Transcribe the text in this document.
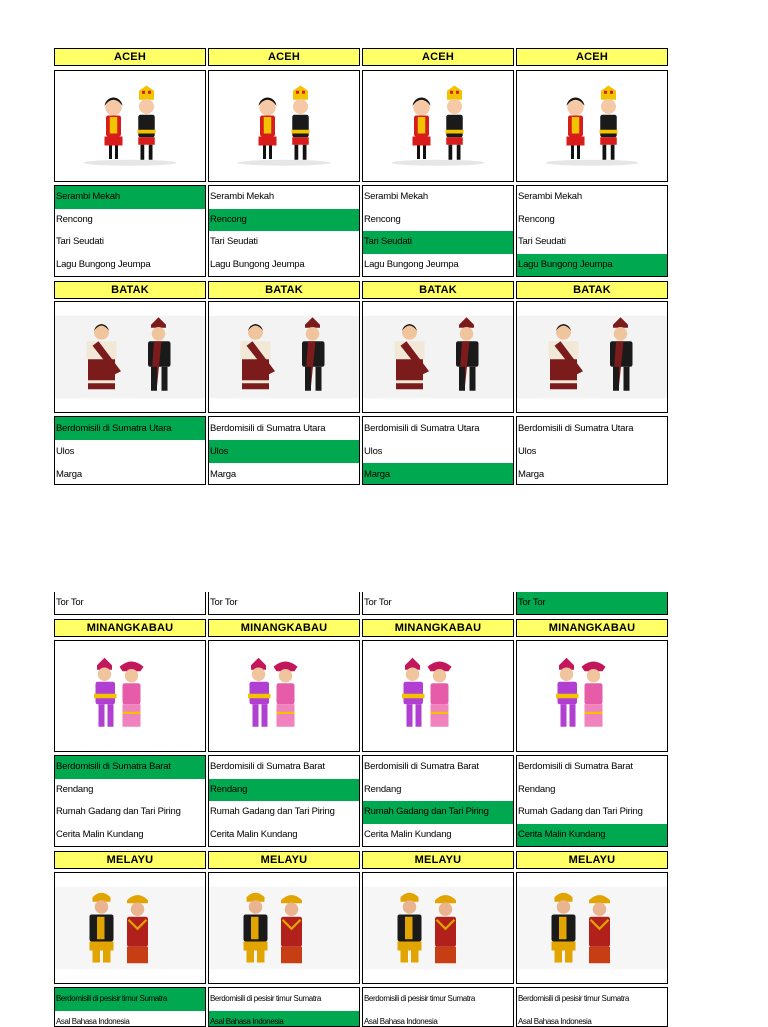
ACEH	ACEH	ACEH	ACEH
Serambi Mekah
Rencong
Tari Seudati
Lagu Bungong Jeumpa
Serambi Mekah
Rencong
Tari Seudati
Lagu Bungong Jeumpa
Serambi Mekah
Rencong
Tari Seudati
Lagu Bungong Jeumpa
Serambi Mekah
Rencong
Tari Seudati
Lagu Bungong Jeumpa
BATAK	BATAK	BATAK	BATAK
Berdomisili di Sumatra Utara
Ulos
Marga
Berdomisili di Sumatra Utara
Ulos
Marga
Berdomisili di Sumatra Utara
Ulos
Marga
Berdomisili di Sumatra Utara
Ulos
Marga
Tor Tor	Tor Tor	Tor Tor	Tor Tor
MINANGKABAU	MINANGKABAU	MINANGKABAU	MINANGKABAU
Berdomisili di Sumatra Barat
Rendang
Rumah Gadang dan Tari Piring
Cerita Malin Kundang
Berdomisili di Sumatra Barat
Rendang
Rumah Gadang dan Tari Piring
Cerita Malin Kundang
Berdomisili di Sumatra Barat
Rendang
Rumah Gadang dan Tari Piring
Cerita Malin Kundang
Berdomisili di Sumatra Barat
Rendang
Rumah Gadang dan Tari Piring
Cerita Malin Kundang
MELAYU	MELAYU	MELAYU	MELAYU
Berdomisili di pesisir timur Sumatra
Asal Bahasa Indonesia
Berdomisili di pesisir timur Sumatra
Asal Bahasa Indonesia
Berdomisili di pesisir timur Sumatra
Asal Bahasa Indonesia
Berdomisili di pesisir timur Sumatra
Asal Bahasa Indonesia
